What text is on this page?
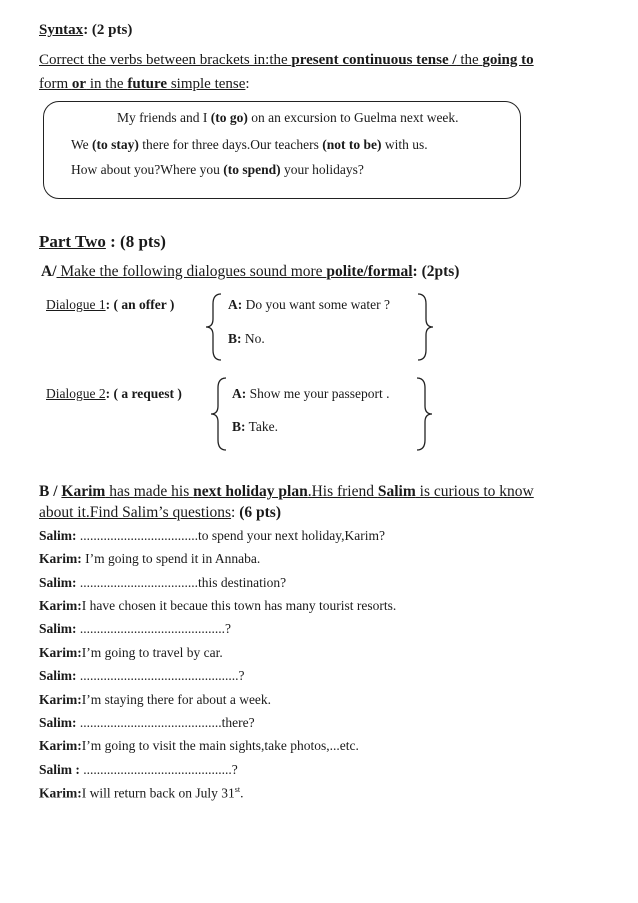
Syntax: (2 pts)
Correct the verbs between brackets in:the present continuous tense / the going to
form or in the future simple tense:
My friends and I (to go) on an excursion to Guelma next week.
We (to stay) there for three days.Our teachers (not to be) with us.
How about you?Where you (to spend) your holidays?
Part Two : (8 pts)
A/ Make the following dialogues sound more polite/formal: (2pts)
Dialogue 1: ( an offer )	A: Do you want some water ?
B: No.
Dialogue 2: ( a request )	A: Show me your passeport .
B: Take.
B / Karim has made his next holiday plan.His friend Salim is curious to know
about it.Find Salim’s questions: (6 pts)
Salim: ...................................to spend your next holiday,Karim?
Karim: I’m going to spend it in Annaba.
Salim: ...................................this destination?
Karim:I have chosen it becaue this town has many tourist resorts.
Salim: ...........................................?
Karim:I’m going to travel by car.
Salim: ...............................................?
Karim:I’m staying there for about a week.
Salim: ..........................................there?
Karim:I’m going to visit the main sights,take photos,...etc.
Salim : ............................................?
Karim:I will return back on July 31st.
